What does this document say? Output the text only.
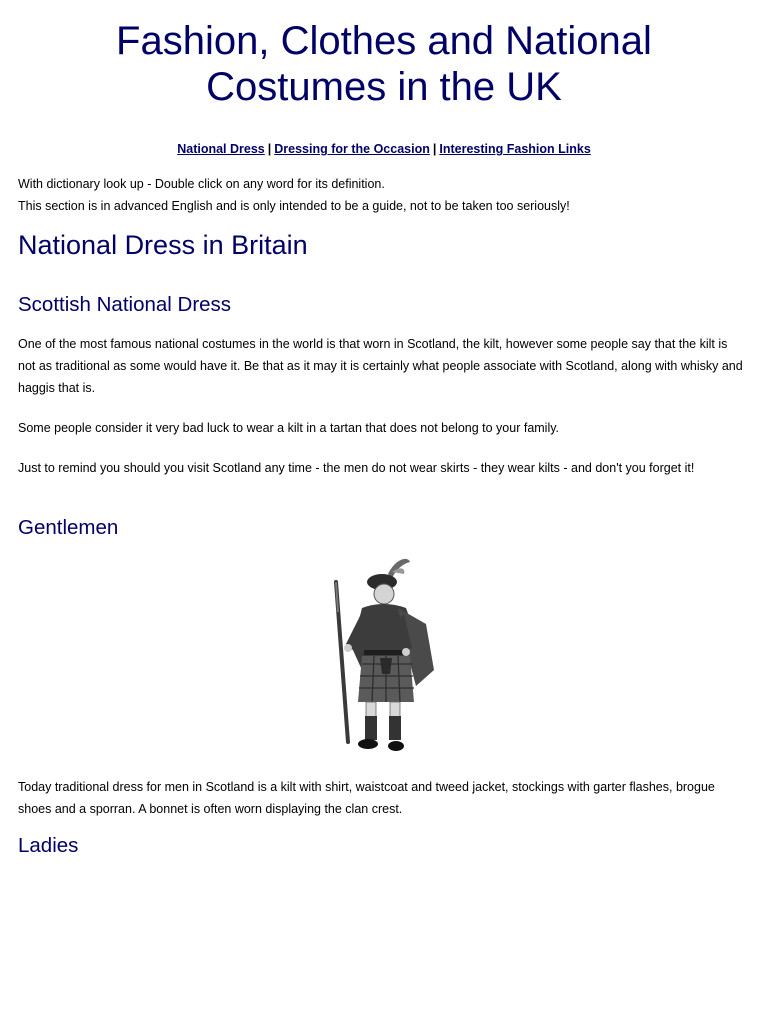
Fashion, Clothes and National
Costumes in the UK
National Dress | Dressing for the Occasion | Interesting Fashion Links

With dictionary look up - Double click on any word for its definition.

This section is in advanced English and is only intended to be a guide, not to be taken too seriously!

National Dress in Britain
Scottish National Dress

One of the most famous national costumes in the world is that worn in Scotland, the kilt, however some people say that the kilt is not as traditional as some would have it. Be that as it may it is certainly what people associate with Scotland, along with whisky and haggis that is.

Some people consider it very bad luck to wear a kilt in a tartan that does not belong to your family.

Just to remind you should you visit Scotland any time - the men do not wear skirts - they wear kilts - and don't you forget it!

Gentlemen

Today traditional dress for men in Scotland is a kilt with shirt, waistcoat and tweed jacket, stockings with garter flashes, brogue shoes and a sporran. A bonnet is often worn displaying the clan crest.

Ladies
